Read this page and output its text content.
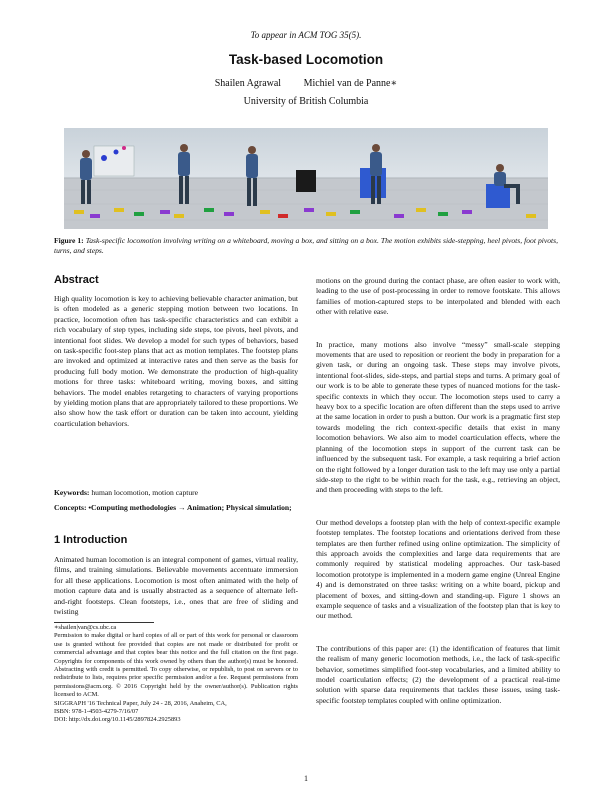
To appear in ACM TOG 35(5).
Task-based Locomotion
Shailen Agrawal Michiel van de Panne∗
University of British Columbia
Figure 1: Task-specific locomotion involving writing on a whiteboard, moving a box, and sitting on a box. The motion exhibits side-stepping, heel pivots, foot pivots, turns, and steps.
Abstract

High quality locomotion is key to achieving believable character animation, but is often modeled as a generic stepping motion between two locations. In practice, locomotion often has task-specific characteristics and can exhibit a rich vocabulary of step types, including side steps, toe pivots, heel pivots, and intentional foot slides. We develop a model for such types of behaviors, based on task-specific foot-step plans that act as motion templates. The footstep plans are invoked and optimized at interactive rates and then serve as the basis for producing full body motion. We demonstrate the production of high-quality motions for three tasks: whiteboard writing, moving boxes, and sitting behaviors. The model enables retargeting to characters of varying proportions by yielding motion plans that are appropriately tailored to these proportions. We also show how the task effort or duration can be taken into account, yielding coarticulation behaviors.

Keywords: human locomotion, motion capture
Concepts: •Computing methodologies → Animation; Physical simulation;
1 Introduction

Animated human locomotion is an integral component of games, virtual reality, films, and training simulations. Believable movements accentuate immersion for all these applications. Locomotion is most often animated with the help of motion capture data and is usually abstracted as a sequence of alternate left-and-right footsteps. Clean footsteps, i.e., ones that are free of sliding and twisting

∗shailen|van@cs.ubc.ca
Permission to make digital or hard copies of all or part of this work for personal or classroom use is granted without fee provided that copies are not made or distributed for profit or commercial advantage and that copies bear this notice and the full citation on the first page. Copyrights for components of this work owned by others than the author(s) must be honored. Abstracting with credit is permitted. To copy otherwise, or republish, to post on servers or to redistribute to lists, requires prior specific permission and/or a fee. Request permissions from permissions@acm.org. © 2016 Copyright held by the owner/author(s). Publication rights licensed to ACM.
SIGGRAPH '16 Technical Paper, July 24 - 28, 2016, Anaheim, CA,
ISBN: 978-1-4503-4279-7/16/07
DOI: http://dx.doi.org/10.1145/2897824.2925893

motions on the ground during the contact phase, are often easier to work with, leading to the use of post-processing in order to remove footskate. This allows families of motion-captured steps to be interpolated and blended with each other with relative ease.

In practice, many motions also involve “messy” small-scale stepping movements that are used to reposition or reorient the body in preparation for a given task, or during an ongoing task. These steps may involve pivots, intentional foot-slides, side-steps, and partial steps and turns. A primary goal of our work is to be able to generate these types of nuanced motions for the task-specific contexts in which they occur. The locomotion steps used to carry a heavy box to a specific location are often different than the steps used to arrive at the same location in order to push a button. Our work is a pragmatic first step towards modeling the rich context-specific details that exist in many locomotion behaviors. We also aim to model coarticulation effects, where the planning of the locomotion steps in support of the current task can be influenced by the subsequent task. For example, a task requiring a brief action on the right followed by a longer duration task to the left may use only a partial side-step to the right to be within reach for the task, e.g., retrieving an object, and then proceeding with steps to the left.

Our method develops a footstep plan with the help of context-specific example footstep templates. The footstep locations and orientations derived from these templates are then further refined using online optimization. The simplicity of this approach avoids the complexities and large data requirements that are commonly required by statistical modeling approaches. Our task-based locomotion prototype is implemented in a modern game engine (Unreal Engine 4) and is demonstrated on three tasks: writing on a white board, pickup and placement of boxes, and sitting-down and standing-up. Figure 1 shows an example sequence of tasks and a visualization of the footstep plan that is key to our method.

The contributions of this paper are: (1) the identification of features that limit the realism of many generic locomotion methods, i.e., the lack of task-specific behavior, sometimes simplified foot-step vocabularies, and a limited ability to model coarticulation effects; (2) the development of a practical real-time solution with sparse data requirements that tackles these issues, using task-specific footstep templates coupled with online optimization.

1
